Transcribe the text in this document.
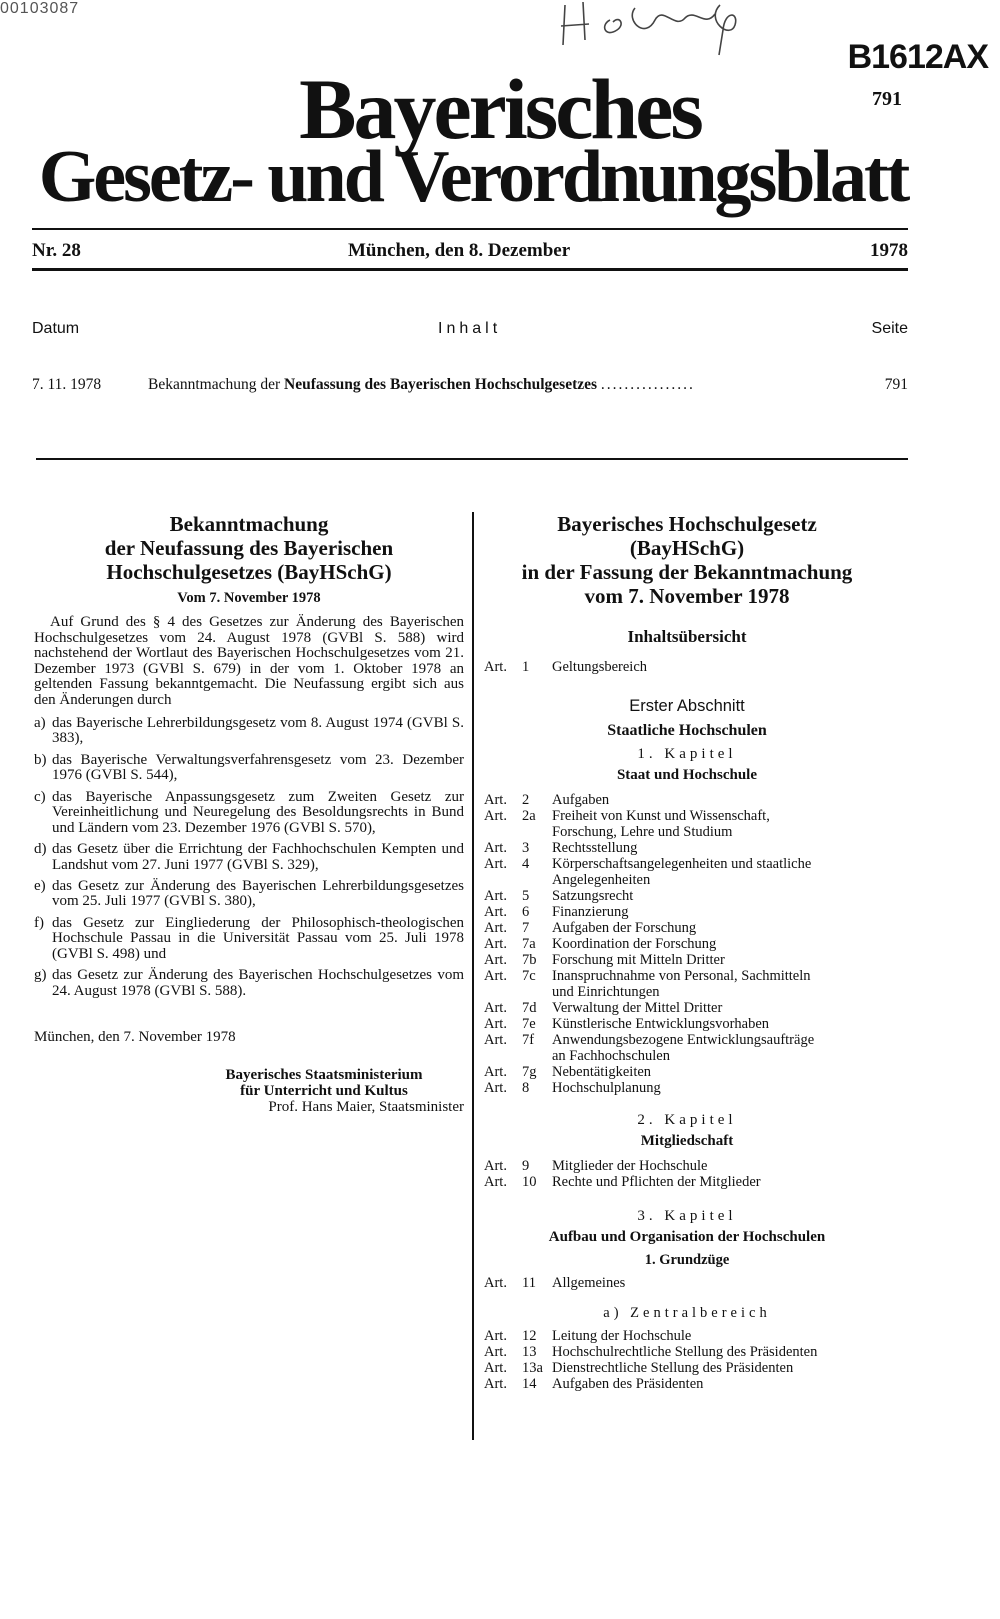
00103087
B1612AX
791
Bayerisches
Gesetz- und Verordnungsblatt
Nr. 28	München, den 8. Dezember	1978
Datum	Inhalt	Seite
7. 11. 1978	Bekanntmachung der Neufassung des Bayerischen Hochschulgesetzes ................	791
Bekanntmachung
der Neufassung des Bayerischen
Hochschulgesetzes (BayHSchG)
Vom 7. November 1978
Auf Grund des § 4 des Gesetzes zur Änderung des Bayerischen Hochschulgesetzes vom 24. August 1978 (GVBl S. 588) wird nachstehend der Wortlaut des Bayerischen Hochschulgesetzes vom 21. Dezember 1973 (GVBl S. 679) in der vom 1. Oktober 1978 an geltenden Fassung bekanntgemacht. Die Neufassung ergibt sich aus den Änderungen durch

a) das Bayerische Lehrerbildungsgesetz vom 8. August 1974 (GVBl S. 383),

b) das Bayerische Verwaltungsverfahrensgesetz vom 23. Dezember 1976 (GVBl S. 544),

c) das Bayerische Anpassungsgesetz zum Zweiten Gesetz zur Vereinheitlichung und Neuregelung des Besoldungsrechts in Bund und Ländern vom 23. Dezember 1976 (GVBl S. 570),

d) das Gesetz über die Errichtung der Fachhochschulen Kempten und Landshut vom 27. Juni 1977 (GVBl S. 329),

e) das Gesetz zur Änderung des Bayerischen Lehrerbildungsgesetzes vom 25. Juli 1977 (GVBl S. 380),

f) das Gesetz zur Eingliederung der Philosophisch-theologischen Hochschule Passau in die Universität Passau vom 25. Juli 1978 (GVBl S. 498) und

g) das Gesetz zur Änderung des Bayerischen Hochschulgesetzes vom 24. August 1978 (GVBl S. 588).

München, den 7. November 1978
Bayerisches Staatsministerium
für Unterricht und Kultus
Prof. Hans Maier, Staatsminister
Bayerisches Hochschulgesetz
(BayHSchG)
in der Fassung der Bekanntmachung
vom 7. November 1978
Inhaltsübersicht
Art.	1	Geltungsbereich
Erster Abschnitt
Staatliche Hochschulen
1. Kapitel
Staat und Hochschule
Art.	2	Aufgaben
Art.	2a	Freiheit von Kunst und Wissenschaft,
Forschung, Lehre und Studium
Art.	3	Rechtsstellung
Art.	4	Körperschaftsangelegenheiten und staatliche
Angelegenheiten
Art.	5	Satzungsrecht
Art.	6	Finanzierung
Art.	7	Aufgaben der Forschung
Art.	7a	Koordination der Forschung
Art.	7b	Forschung mit Mitteln Dritter
Art.	7c	Inanspruchnahme von Personal, Sachmitteln
und Einrichtungen
Art.	7d	Verwaltung der Mittel Dritter
Art.	7e	Künstlerische Entwicklungsvorhaben
Art.	7f	Anwendungsbezogene Entwicklungsaufträge
an Fachhochschulen
Art.	7g	Nebentätigkeiten
Art.	8	Hochschulplanung
2. Kapitel
Mitgliedschaft
Art.	9	Mitglieder der Hochschule
Art.	10	Rechte und Pflichten der Mitglieder
3. Kapitel
Aufbau und Organisation der Hochschulen
1. Grundzüge
Art.	11	Allgemeines
a) Zentralbereich
Art.	12	Leitung der Hochschule
Art.	13	Hochschulrechtliche Stellung des Präsidenten
Art.	13a Dienstrechtliche Stellung des Präsidenten
Art.	14	Aufgaben des Präsidenten
